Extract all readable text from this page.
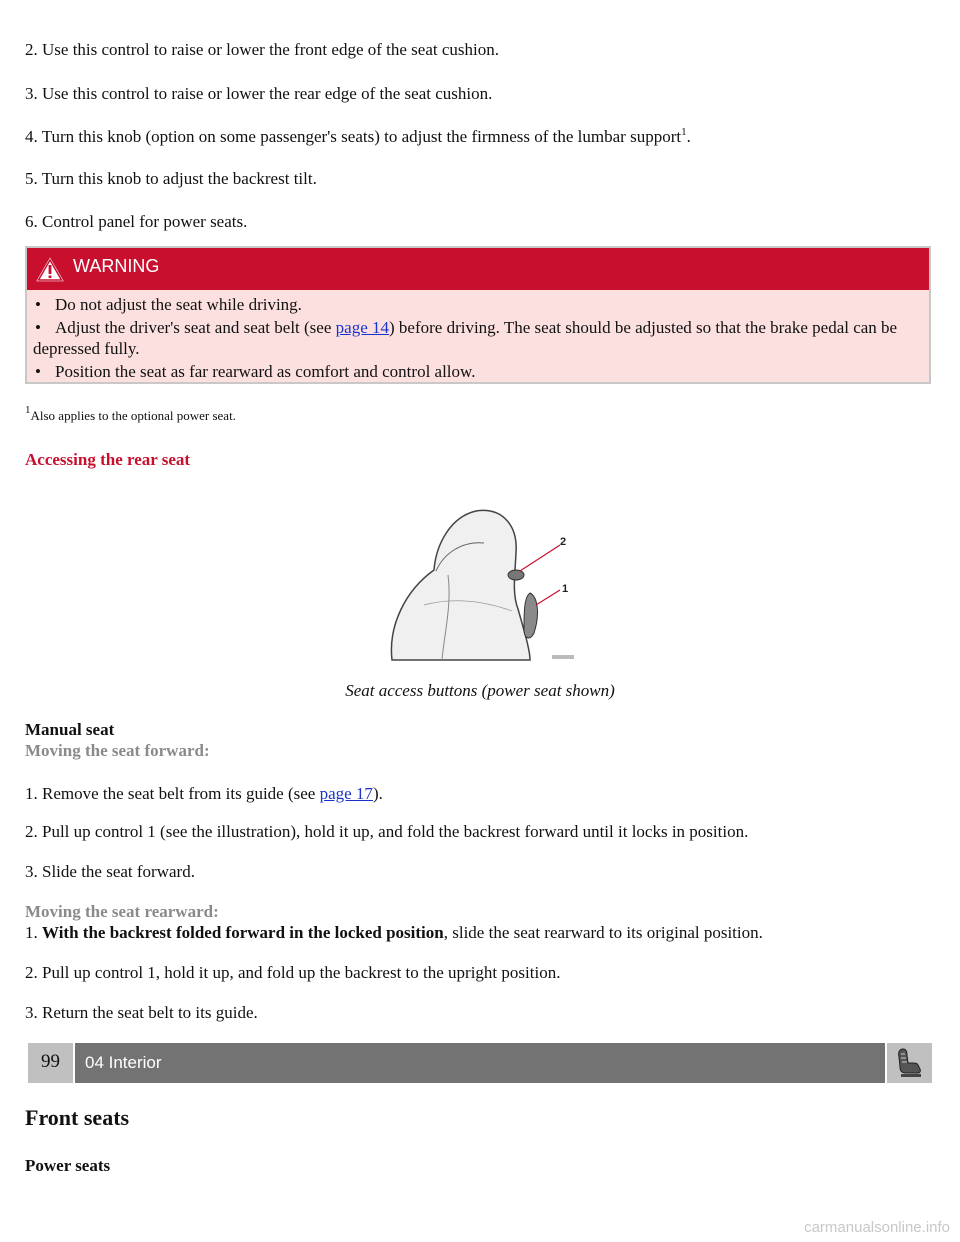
2. Use this control to raise or lower the front edge of the seat cushion.

3. Use this control to raise or lower the rear edge of the seat cushion.

4. Turn this knob (option on some passenger's seats) to adjust the firmness of the lumbar support$^1$.

5. Turn this knob to adjust the backrest tilt.

6. Control panel for power seats.

WARNING
• Do not adjust the seat while driving.
• Adjust the driver's seat and seat belt (see page 14) before driving. The seat should be adjusted so that the brake pedal can be depressed fully.
• Position the seat as far rearward as comfort and control allow.
$^1$Also applies to the optional power seat.
Accessing the rear seat
2
1
Seat access buttons (power seat shown)

Manual seat

Moving the seat forward:

1. Remove the seat belt from its guide (see page 17).

2. Pull up control 1 (see the illustration), hold it up, and fold the backrest forward until it locks in position.

3. Slide the seat forward.

Moving the seat rearward:

1. With the backrest folded forward in the locked position, slide the seat rearward to its original position.

2. Pull up control 1, hold it up, and fold up the backrest to the upright position.

3. Return the seat belt to its guide.

99	04 Interior
Front seats
Power seats
carmanualsonline.info
